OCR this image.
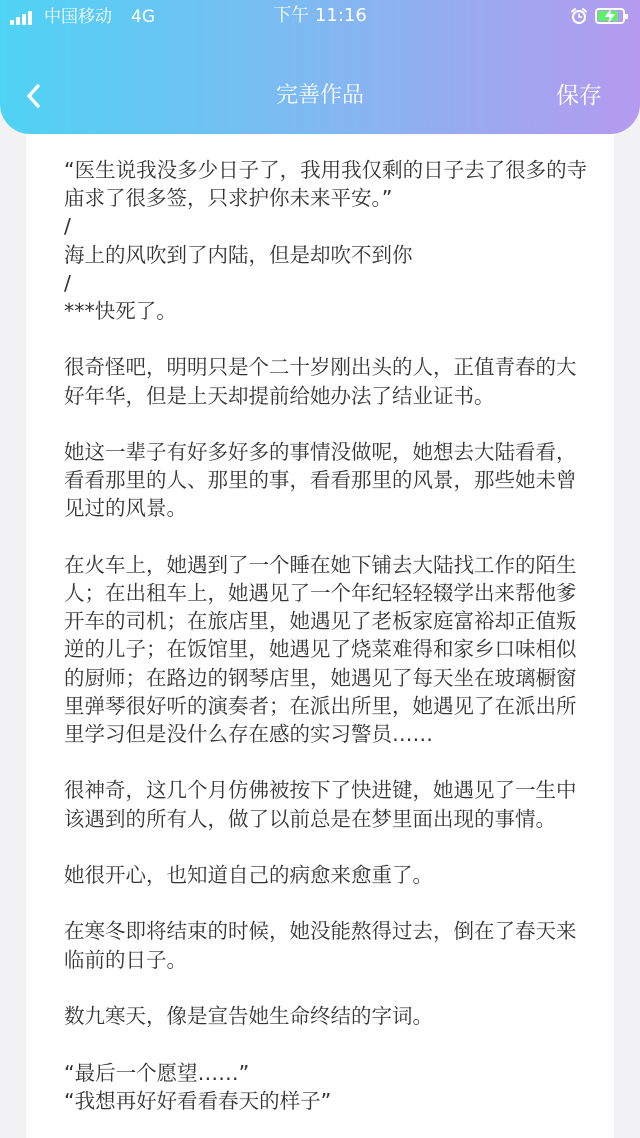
中国移动 4G	下午 11:16
完善作品	保存
“医生说我没多少日子了，我用我仅剩的日子去了很多的寺庙求了很多签，只求护你未来平安。”
/
海上的风吹到了内陆，但是却吹不到你
/
***快死了。

很奇怪吧，明明只是个二十岁刚出头的人，正值青春的大好年华，但是上天却提前给她办法了结业证书。

她这一辈子有好多好多的事情没做呢，她想去大陆看看，看看那里的人、那里的事，看看那里的风景，那些她未曾见过的风景。

在火车上，她遇到了一个睡在她下铺去大陆找工作的陌生人；在出租车上，她遇见了一个年纪轻轻辍学出来帮他爹开车的司机；在旅店里，她遇见了老板家庭富裕却正值叛逆的儿子；在饭馆里，她遇见了烧菜难得和家乡口味相似的厨师；在路边的钢琴店里，她遇见了每天坐在玻璃橱窗里弹琴很好听的演奏者；在派出所里，她遇见了在派出所里学习但是没什么存在感的实习警员……

很神奇，这几个月仿佛被按下了快进键，她遇见了一生中该遇到的所有人，做了以前总是在梦里面出现的事情。

她很开心，也知道自己的病愈来愈重了。

在寒冬即将结束的时候，她没能熬得过去，倒在了春天来临前的日子。

数九寒天，像是宣告她生命终结的字词。

“最后一个愿望……”
“我想再好好看看春天的样子”
